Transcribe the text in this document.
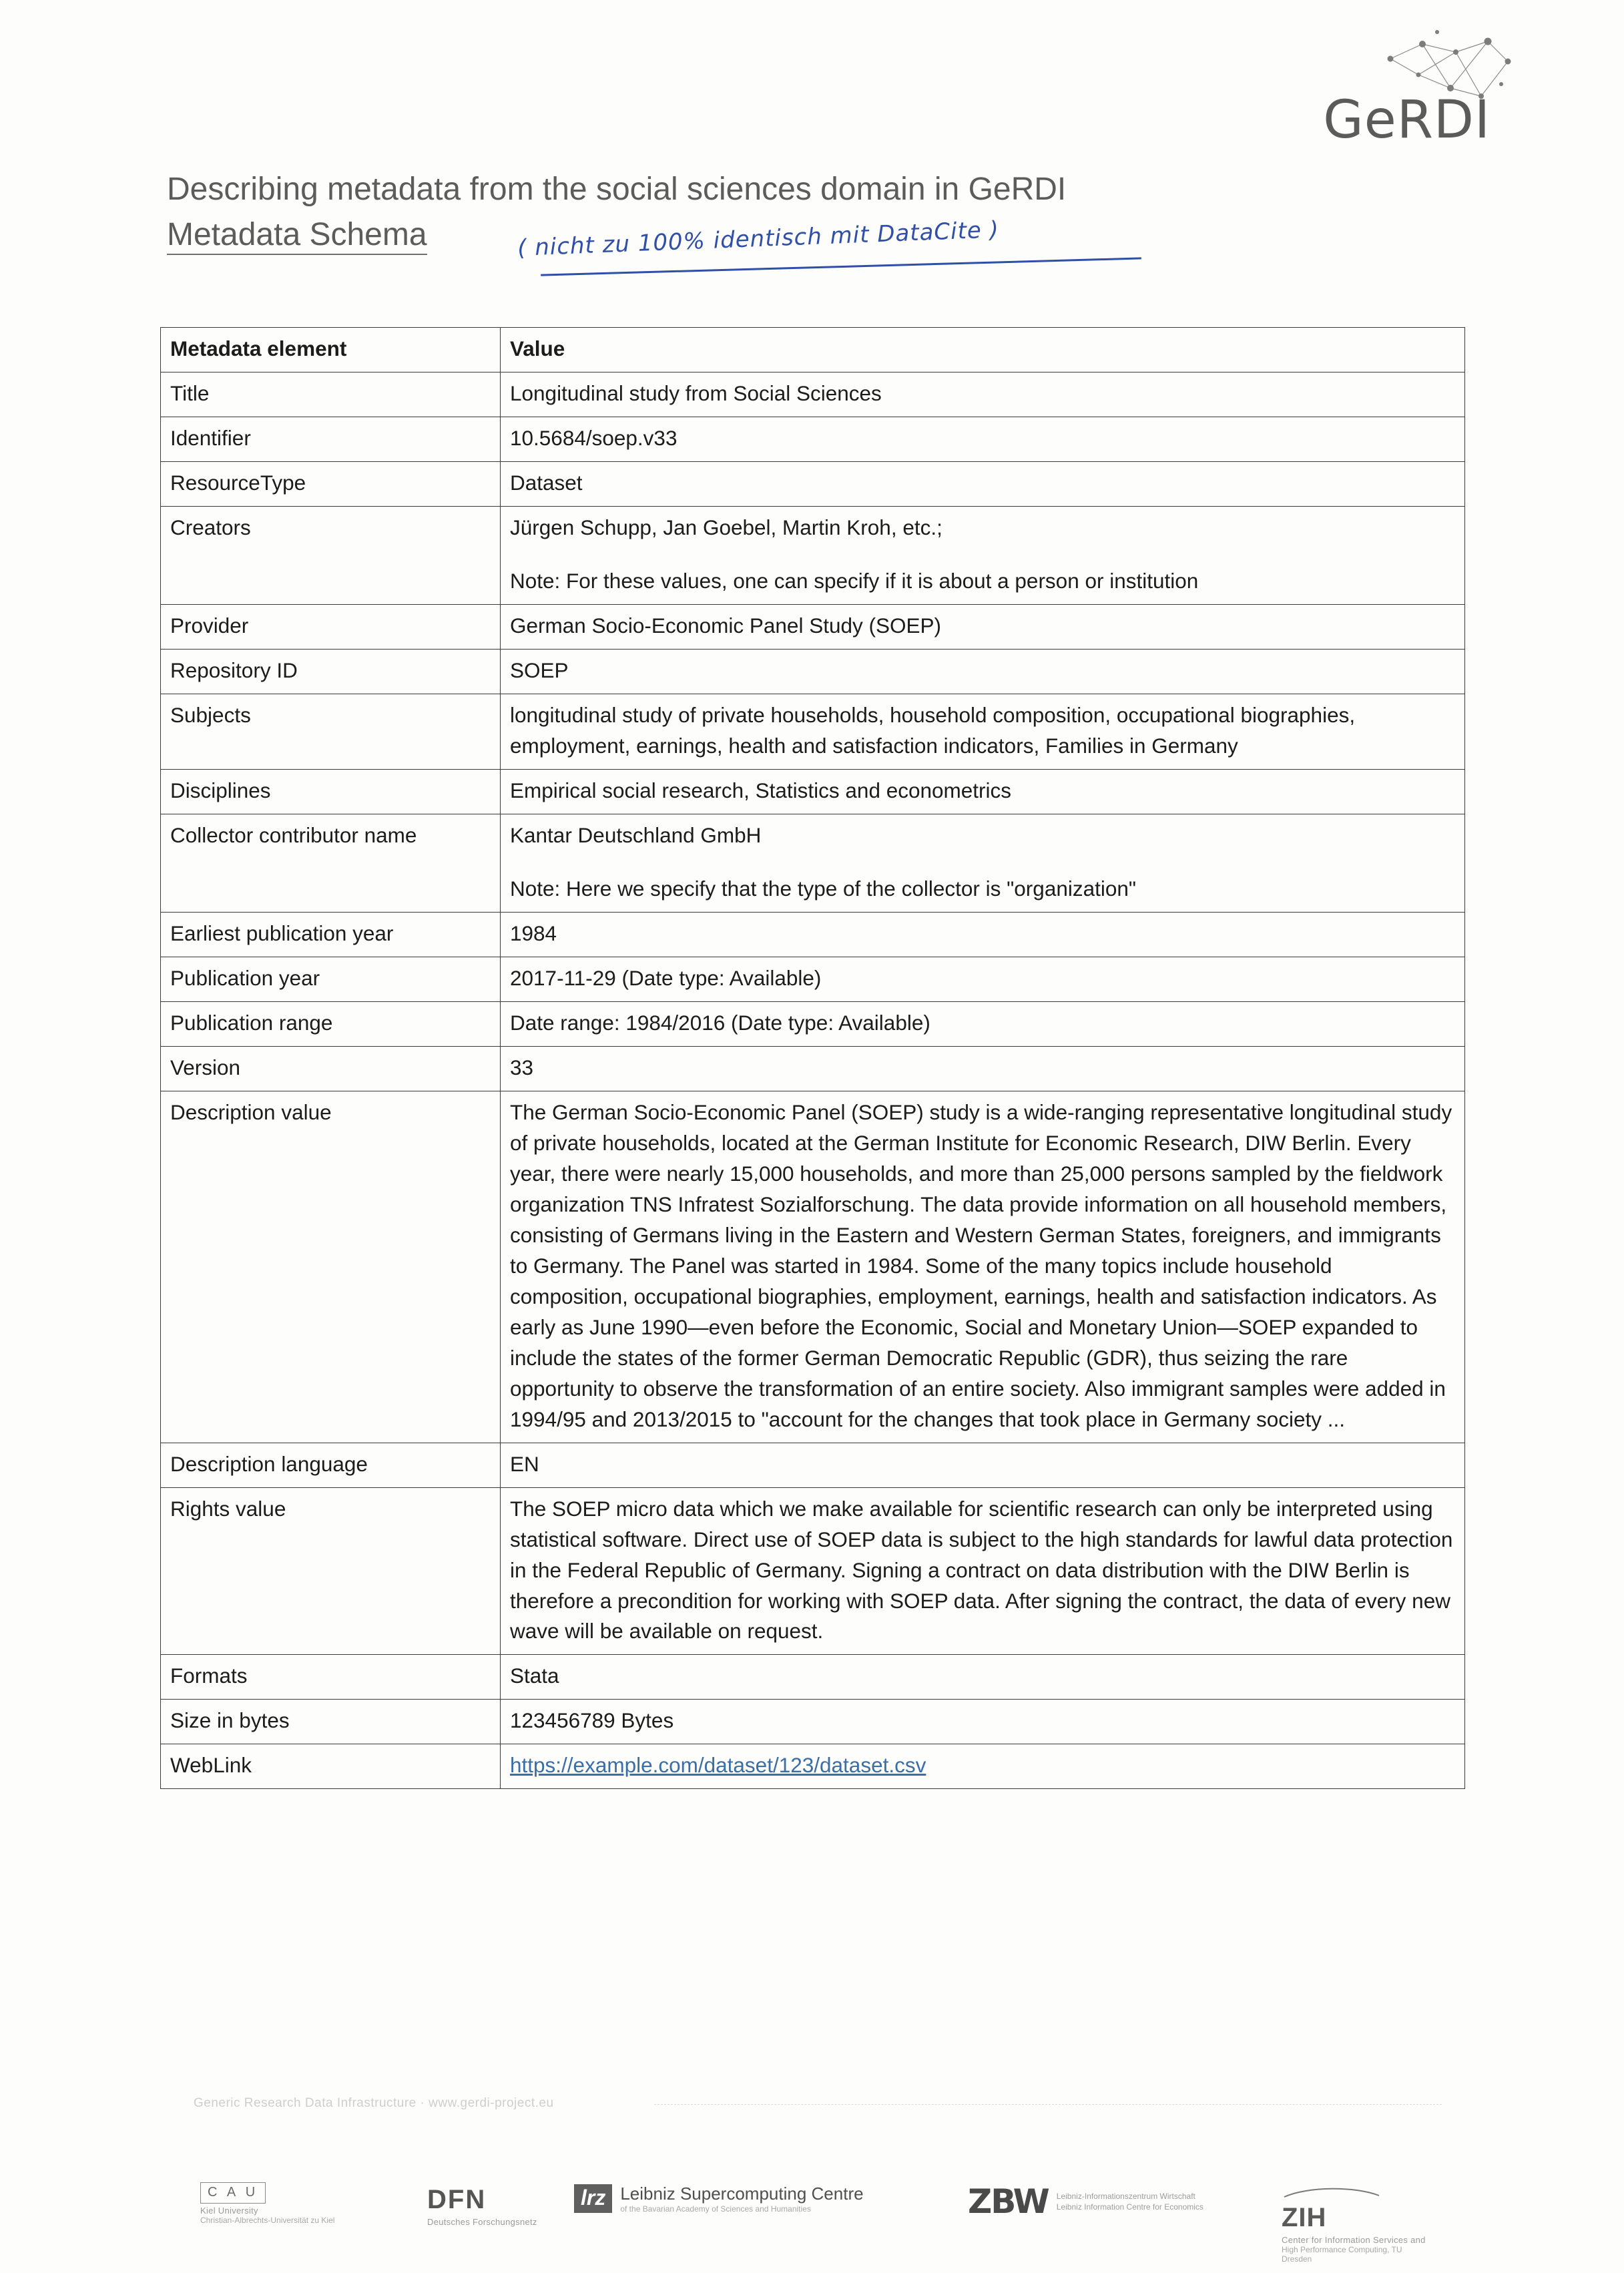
GeRDI
Describing metadata from the social sciences domain in GeRDI
Metadata Schema	( nicht zu 100% identisch mit DataCite )
Metadata element	Value
Title	Longitudinal study from Social Sciences
Identifier	10.5684/soep.v33
ResourceType	Dataset
Creators	Jürgen Schupp, Jan Goebel, Martin Kroh, etc.;
Note: For these values, one can specify if it is about a person or institution

Provider	German Socio-Economic Panel Study (SOEP)
Repository ID	SOEP
Subjects	longitudinal study of private households, household composition, occupational biographies, employment, earnings, health and satisfaction indicators, Families in Germany
Disciplines	Empirical social research, Statistics and econometrics
Collector contributor name	Kantar Deutschland GmbH
Note: Here we specify that the type of the collector is "organization"

Earliest publication year	1984
Publication year	2017-11-29 (Date type: Available)
Publication range	Date range: 1984/2016 (Date type: Available)
Version	33
Description value	The German Socio-Economic Panel (SOEP) study is a wide-ranging representative longitudinal study of private households, located at the German Institute for Economic Research, DIW Berlin. Every year, there were nearly 15,000 households, and more than 25,000 persons sampled by the fieldwork organization TNS Infratest Sozialforschung. The data provide information on all household members, consisting of Germans living in the Eastern and Western German States, foreigners, and immigrants to Germany. The Panel was started in 1984. Some of the many topics include household composition, occupational biographies, employment, earnings, health and satisfaction indicators. As early as June 1990—even before the Economic, Social and Monetary Union—SOEP expanded to include the states of the former German Democratic Republic (GDR), thus seizing the rare opportunity to observe the transformation of an entire society. Also immigrant samples were added in 1994/95 and 2013/2015 to "account for the changes that took place in Germany society ...
Description language	EN
Rights value	The SOEP micro data which we make available for scientific research can only be interpreted using statistical software. Direct use of SOEP data is subject to the high standards for lawful data protection in the Federal Republic of Germany. Signing a contract on data distribution with the DIW Berlin is therefore a precondition for working with SOEP data. After signing the contract, the data of every new wave will be available on request.
Formats	Stata
Size in bytes	123456789 Bytes
WebLink	https://example.com/dataset/123/dataset.csv
Generic Research Data Infrastructure · www.gerdi-project.eu
C A U
Kiel University
Christian-Albrechts-Universität zu Kiel
DFN
Deutsches Forschungsnetz
lrz Leibniz Supercomputing Centre
of the Bavarian Academy of Sciences and Humanities	ZBW Leibniz-Informationszentrum Wirtschaft
Leibniz Information Centre for Economics	ZIH
Center for Information Services and
High Performance Computing, TU Dresden
